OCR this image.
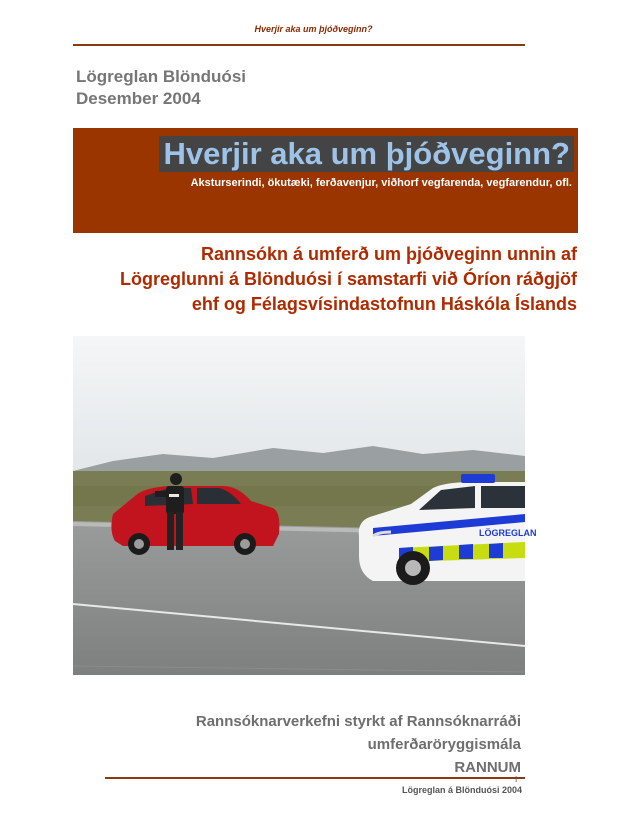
Hverjir aka um þjóðveginn?
Lögreglan Blönduósi
Desember 2004
Hverjir aka um þjóðveginn?
Aksturserindi, ökutæki, ferðavenjur, viðhorf vegfarenda, vegfarendur, ofl.
Rannsókn á umferð um þjóðveginn unnin af
Lögreglunni á Blönduósi í samstarfi við Óríon ráðgjöf
ehf og Félagsvísindastofnun Háskóla Íslands
LÖGREGLAN
Rannsóknarverkefni styrkt af Rannsóknarráði
umferðaröryggismála
RANNUM
I
Lögreglan á Blönduósi 2004
